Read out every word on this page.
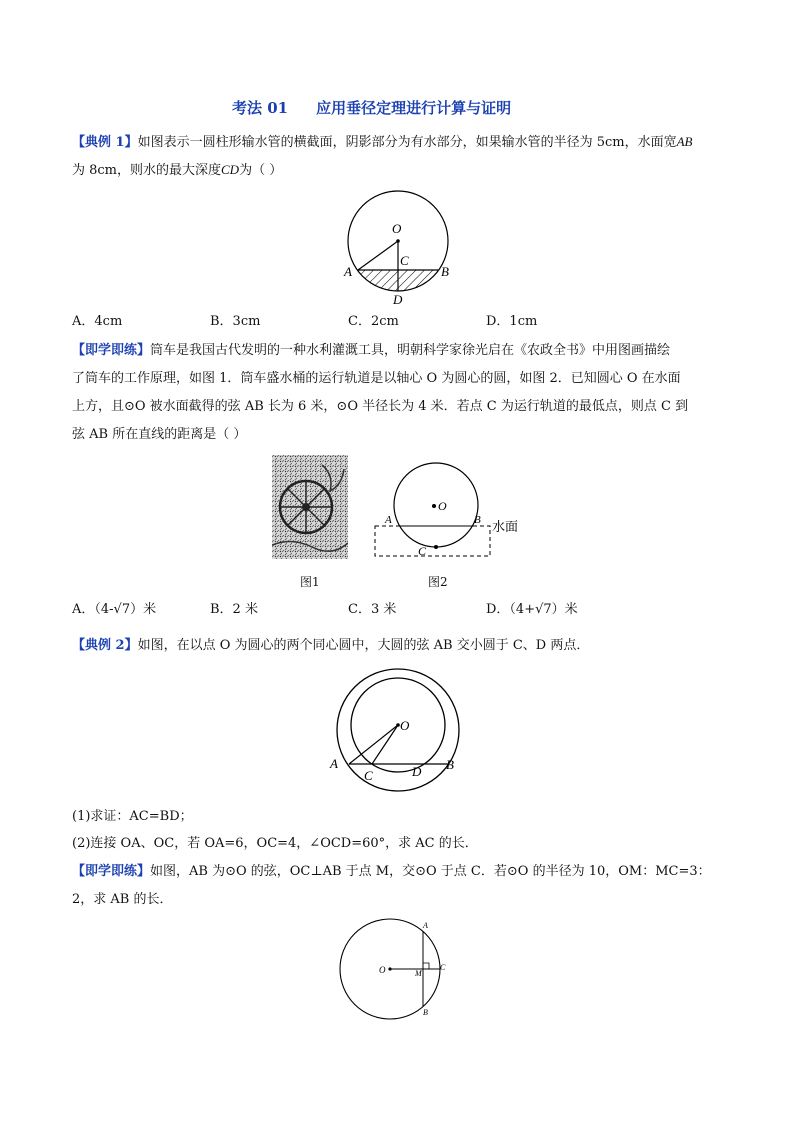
考法 01 应用垂径定理进行计算与证明
【典例 1】如图表示一圆柱形输水管的横截面，阴影部分为有水部分，如果输水管的半径为 5cm，水面宽AB
为 8cm，则水的最大深度CD为（ ）
O
A	B
C
D
A．4cm	B．3cm	C．2cm	D．1cm
【即学即练】筒车是我国古代发明的一种水利灌溉工具，明朝科学家徐光启在《农政全书》中用图画描绘
了筒车的工作原理，如图 1．筒车盛水桶的运行轨道是以轴心 O 为圆心的圆，如图 2．已知圆心 O 在水面
上方，且⊙O 被水面截得的弦 AB 长为 6 米，⊙O 半径长为 4 米．若点 C 为运行轨道的最低点，则点 C 到
弦 AB 所在直线的距离是（ ）
图1
O
A	B
C
水面
图2
A．（4-√7）米	B．2 米	C．3 米	D．（4+√7）米
【典例 2】如图，在以点 O 为圆心的两个同心圆中，大圆的弦 AB 交小圆于 C、D 两点．
O
A
C	D B
(1)求证：AC=BD；
(2)连接 OA、OC，若 OA=6，OC=4，∠OCD=60°，求 AC 的长．
【即学即练】如图，AB 为⊙O 的弦，OC⊥AB 于点 M，交⊙O 于点 C．若⊙O 的半径为 10，OM：MC=3：
2，求 AB 的长．
O
A
M
C
B
